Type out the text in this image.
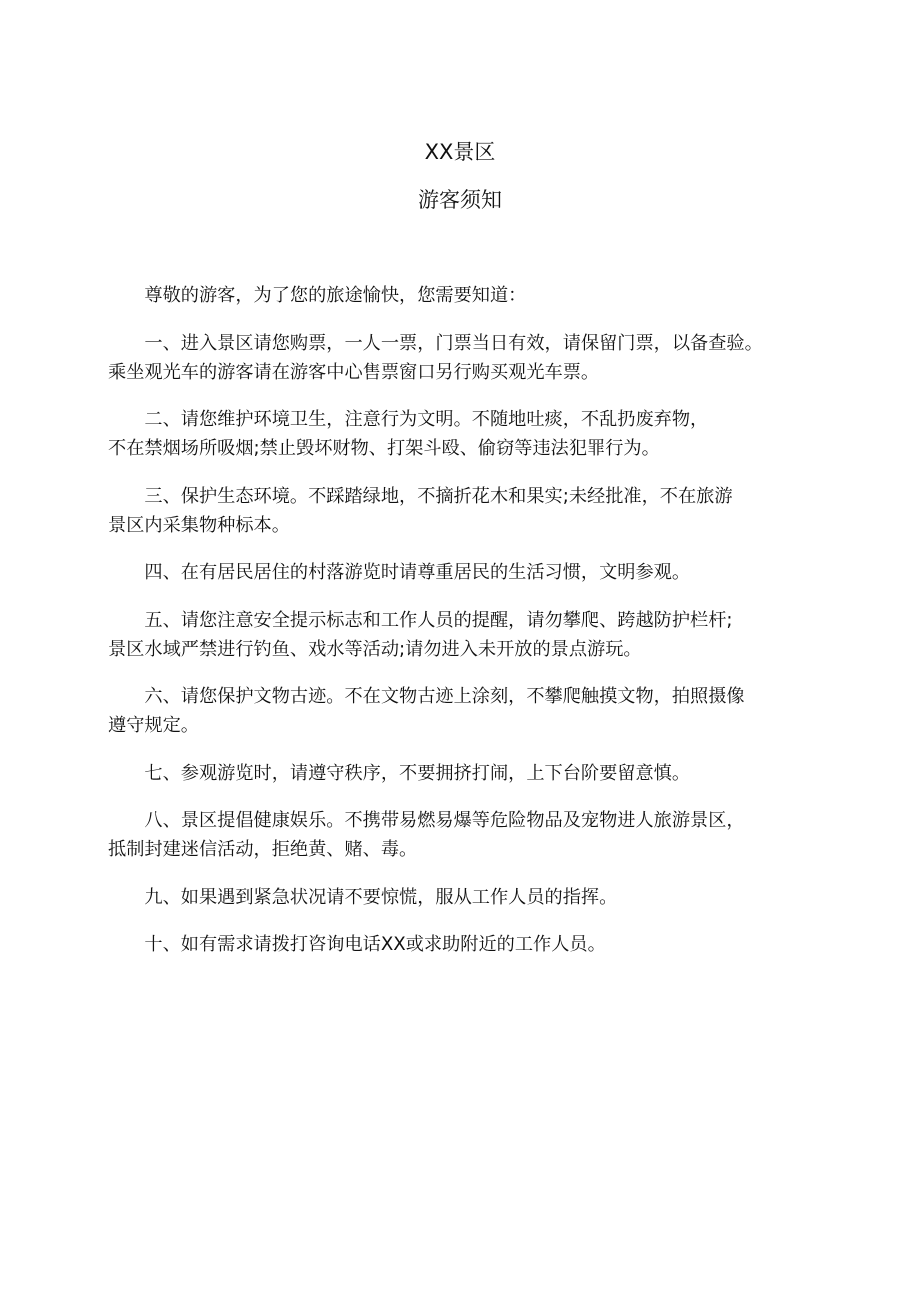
XX景区
游客须知

尊敬的游客，为了您的旅途愉快，您需要知道：

一、进入景区请您购票，一人一票，门票当日有效，请保留门票，以备查验。
乘坐观光车的游客请在游客中心售票窗口另行购买观光车票。

二、请您维护环境卫生，注意行为文明。不随地吐痰，不乱扔废弃物，
不在禁烟场所吸烟;禁止毁坏财物、打架斗殴、偷窃等违法犯罪行为。

三、保护生态环境。不踩踏绿地，不摘折花木和果实;未经批准，不在旅游
景区内采集物种标本。

四、在有居民居住的村落游览时请尊重居民的生活习惯，文明参观。

五、请您注意安全提示标志和工作人员的提醒，请勿攀爬、跨越防护栏杆;
景区水域严禁进行钓鱼、戏水等活动;请勿进入未开放的景点游玩。

六、请您保护文物古迹。不在文物古迹上涂刻，不攀爬触摸文物，拍照摄像
遵守规定。

七、参观游览时，请遵守秩序，不要拥挤打闹，上下台阶要留意慎。

八、景区提倡健康娱乐。不携带易燃易爆等危险物品及宠物进人旅游景区，
抵制封建迷信活动，拒绝黄、赌、毒。

九、如果遇到紧急状况请不要惊慌，服从工作人员的指挥。

十、如有需求请拨打咨询电话XX或求助附近的工作人员。
